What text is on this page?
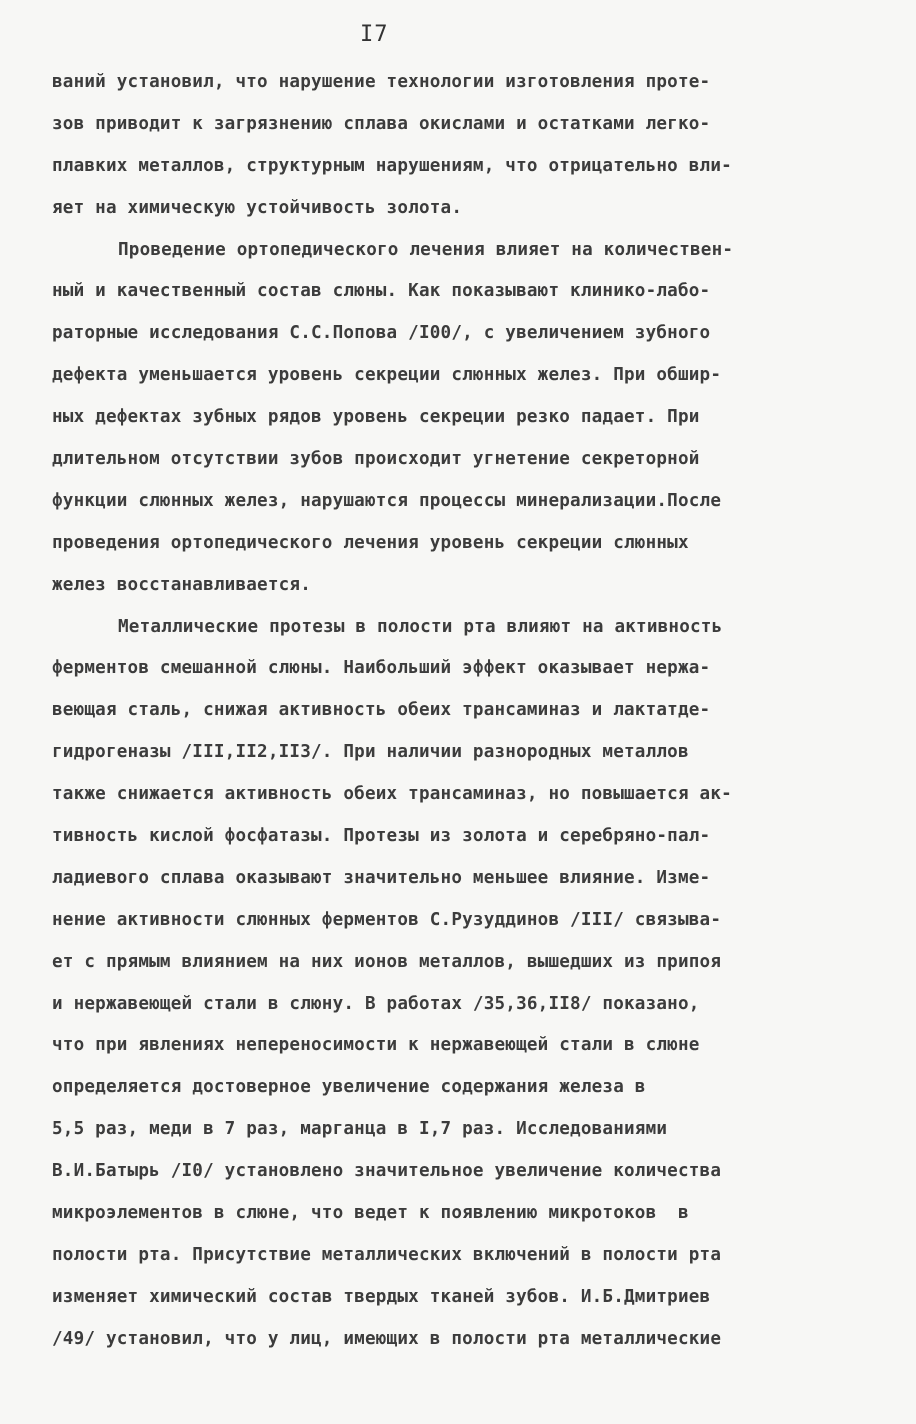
I7
ваний установил, что нарушение технологии изготовления проте-
зов приводит к загрязнению сплава окислами и остатками легко-
плавких металлов, структурным нарушениям, что отрицательно вли-
яет на химическую устойчивость золота.
Проведение ортопедического лечения влияет на количествен-
ный и качественный состав слюны. Как показывают клинико-лабо-
раторные исследования С.С.Попова /I00/, с увеличением зубного
дефекта уменьшается уровень секреции слюнных желез. При обшир-
ных дефектах зубных рядов уровень секреции резко падает. При
длительном отсутствии зубов происходит угнетение секреторной
функции слюнных желез, нарушаются процессы минерализации.После
проведения ортопедического лечения уровень секреции слюнных
желез восстанавливается.
Металлические протезы в полости рта влияют на активность
ферментов смешанной слюны. Наибольший эффект оказывает нержа-
веющая сталь, снижая активность обеих трансаминаз и лактатде-
гидрогеназы /III,II2,II3/. При наличии разнородных металлов
также снижается активность обеих трансаминаз, но повышается ак-
тивность кислой фосфатазы. Протезы из золота и серебряно-пал-
ладиевого сплава оказывают значительно меньшее влияние. Изме-
нение активности слюнных ферментов С.Рузуддинов /III/ связыва-
ет с прямым влиянием на них ионов металлов, вышедших из припоя
и нержавеющей стали в слюну. В работах /35,36,II8/ показано,
что при явлениях непереносимости к нержавеющей стали в слюне
определяется достоверное увеличение содержания железа в
5,5 раз, меди в 7 раз, марганца в I,7 раз. Исследованиями
В.И.Батырь /I0/ установлено значительное увеличение количества
микроэлементов в слюне, что ведет к появлению микротоков  в
полости рта. Присутствие металлических включений в полости рта
изменяет химический состав твердых тканей зубов. И.Б.Дмитриев
/49/ установил, что у лиц, имеющих в полости рта металлические
